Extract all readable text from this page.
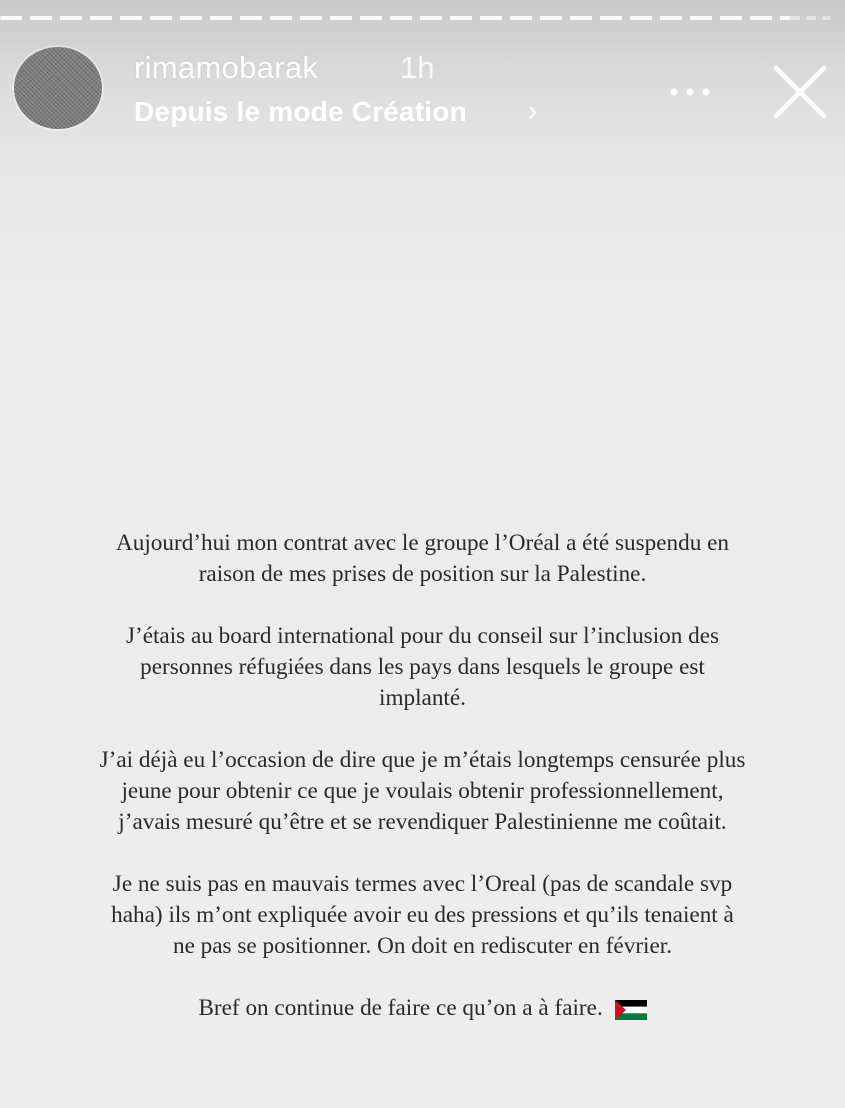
rimamobarak	1h
Depuis le mode Création ›

Aujourd’hui mon contrat avec le groupe l’Oréal a été suspendu en
raison de mes prises de position sur la Palestine.

J’étais au board international pour du conseil sur l’inclusion des
personnes réfugiées dans les pays dans lesquels le groupe est
implanté.

J’ai déjà eu l’occasion de dire que je m’étais longtemps censurée plus
jeune pour obtenir ce que je voulais obtenir professionnellement,
j’avais mesuré qu’être et se revendiquer Palestinienne me coûtait.

Je ne suis pas en mauvais termes avec l’Oreal (pas de scandale svp
haha) ils m’ont expliquée avoir eu des pressions et qu’ils tenaient à
ne pas se positionner. On doit en rediscuter en février.

Bref on continue de faire ce qu’on a à faire.
